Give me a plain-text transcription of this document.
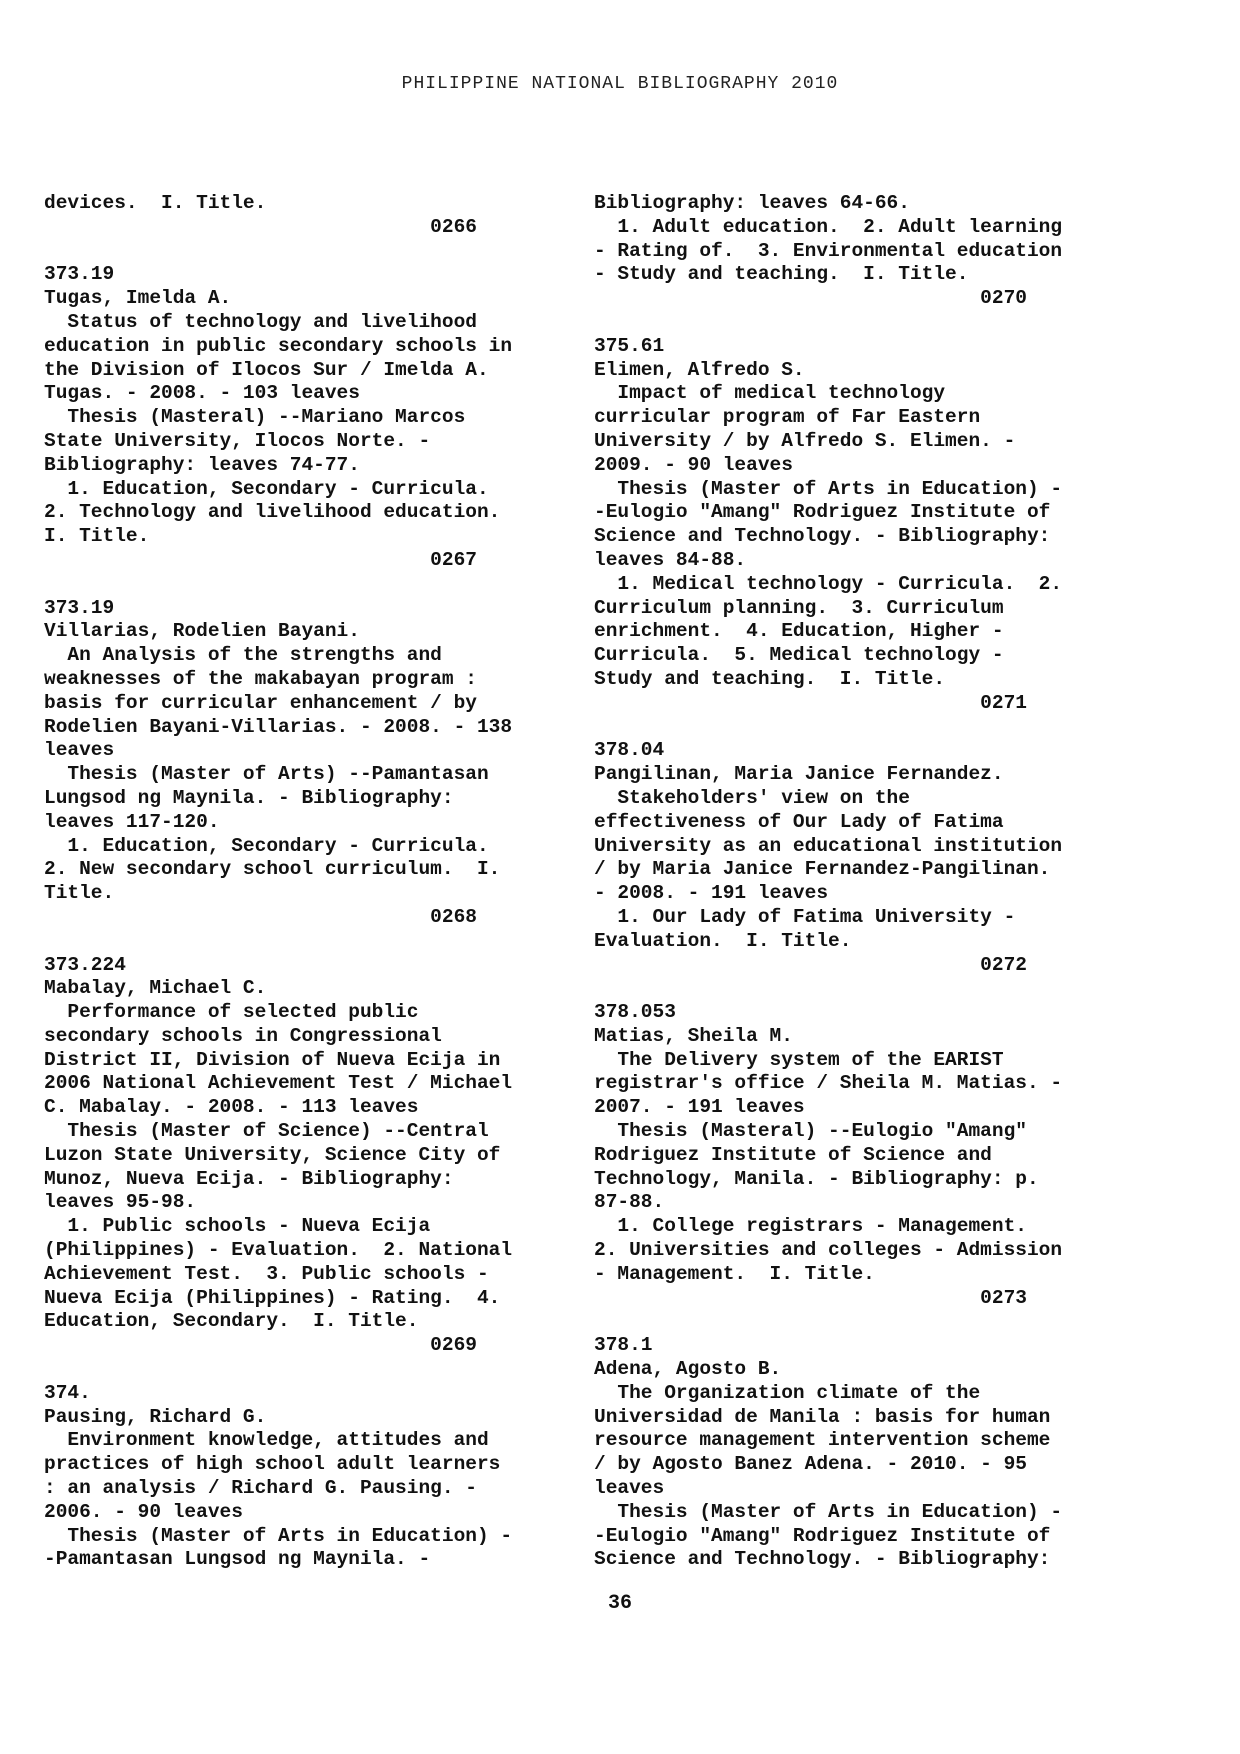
PHILIPPINE NATIONAL BIBLIOGRAPHY 2010
devices.  I. Title.
0266
373.19
Tugas, Imelda A.
Status of technology and livelihood
education in public secondary schools in
the Division of Ilocos Sur / Imelda A.
Tugas. - 2008. - 103 leaves
Thesis (Masteral) --Mariano Marcos
State University, Ilocos Norte. -
Bibliography: leaves 74-77.
1. Education, Secondary - Curricula.
2. Technology and livelihood education.
I. Title.
0267
373.19
Villarias, Rodelien Bayani.
An Analysis of the strengths and
weaknesses of the makabayan program :
basis for curricular enhancement / by
Rodelien Bayani-Villarias. - 2008. - 138
leaves
Thesis (Master of Arts) --Pamantasan
Lungsod ng Maynila. - Bibliography:
leaves 117-120.
1. Education, Secondary - Curricula.
2. New secondary school curriculum.  I.
Title.
0268
373.224
Mabalay, Michael C.
Performance of selected public
secondary schools in Congressional
District II, Division of Nueva Ecija in
2006 National Achievement Test / Michael
C. Mabalay. - 2008. - 113 leaves
Thesis (Master of Science) --Central
Luzon State University, Science City of
Munoz, Nueva Ecija. - Bibliography:
leaves 95-98.
1. Public schools - Nueva Ecija
(Philippines) - Evaluation.  2. National
Achievement Test.  3. Public schools -
Nueva Ecija (Philippines) - Rating.  4.
Education, Secondary.  I. Title.
0269
374.
Pausing, Richard G.
Environment knowledge, attitudes and
practices of high school adult learners
: an analysis / Richard G. Pausing. -
2006. - 90 leaves
Thesis (Master of Arts in Education) -
-Pamantasan Lungsod ng Maynila. -
Bibliography: leaves 64-66.
1. Adult education.  2. Adult learning
- Rating of.  3. Environmental education
- Study and teaching.  I. Title.
0270
375.61
Elimen, Alfredo S.
Impact of medical technology
curricular program of Far Eastern
University / by Alfredo S. Elimen. -
2009. - 90 leaves
Thesis (Master of Arts in Education) -
-Eulogio "Amang" Rodriguez Institute of
Science and Technology. - Bibliography:
leaves 84-88.
1. Medical technology - Curricula.  2.
Curriculum planning.  3. Curriculum
enrichment.  4. Education, Higher -
Curricula.  5. Medical technology -
Study and teaching.  I. Title.
0271
378.04
Pangilinan, Maria Janice Fernandez.
Stakeholders' view on the
effectiveness of Our Lady of Fatima
University as an educational institution
/ by Maria Janice Fernandez-Pangilinan.
- 2008. - 191 leaves
1. Our Lady of Fatima University -
Evaluation.  I. Title.
0272
378.053
Matias, Sheila M.
The Delivery system of the EARIST
registrar's office / Sheila M. Matias. -
2007. - 191 leaves
Thesis (Masteral) --Eulogio "Amang"
Rodriguez Institute of Science and
Technology, Manila. - Bibliography: p.
87-88.
1. College registrars - Management.
2. Universities and colleges - Admission
- Management.  I. Title.
0273
378.1
Adena, Agosto B.
The Organization climate of the
Universidad de Manila : basis for human
resource management intervention scheme
/ by Agosto Banez Adena. - 2010. - 95
leaves
Thesis (Master of Arts in Education) -
-Eulogio "Amang" Rodriguez Institute of
Science and Technology. - Bibliography:
36
